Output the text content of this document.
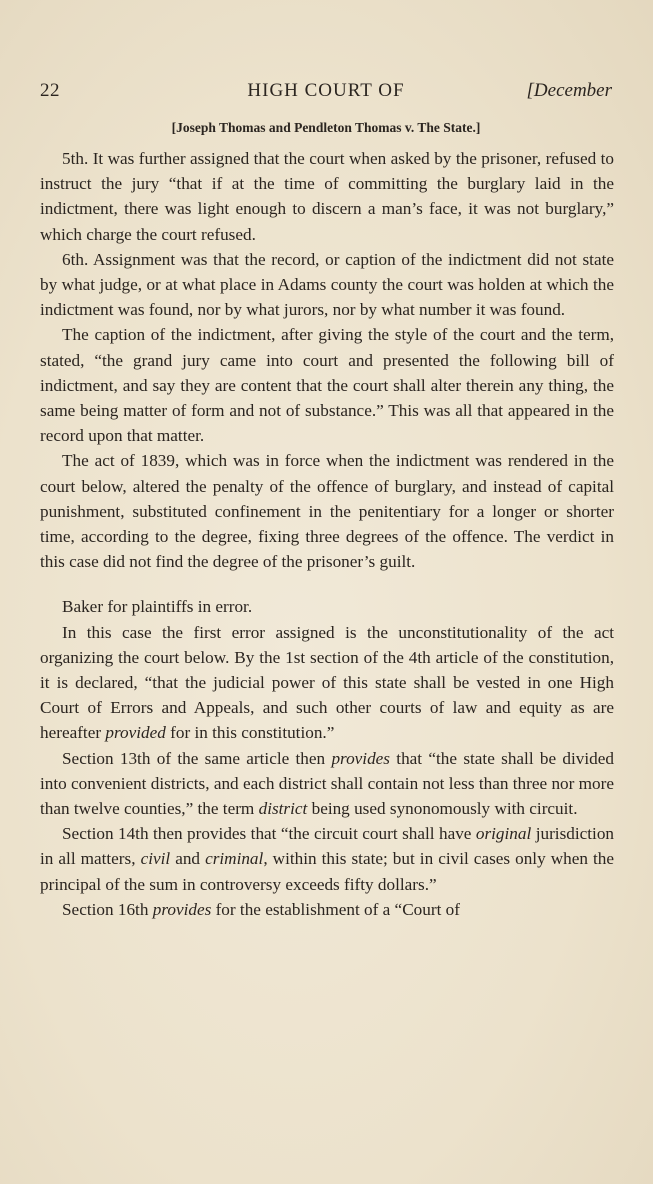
22	HIGH COURT OF	[December
[Joseph Thomas and Pendleton Thomas v. The State.]

5th. It was further assigned that the court when asked by the prisoner, refused to instruct the jury “that if at the time of committing the burglary laid in the indictment, there was light enough to discern a man’s face, it was not burglary,” which charge the court refused.

6th. Assignment was that the record, or caption of the indictment did not state by what judge, or at what place in Adams county the court was holden at which the indictment was found, nor by what jurors, nor by what number it was found.

The caption of the indictment, after giving the style of the court and the term, stated, “the grand jury came into court and presented the following bill of indictment, and say they are content that the court shall alter therein any thing, the same being matter of form and not of substance.” This was all that appeared in the record upon that matter.

The act of 1839, which was in force when the indictment was rendered in the court below, altered the penalty of the offence of burglary, and instead of capital punishment, substituted confinement in the penitentiary for a longer or shorter time, according to the degree, fixing three degrees of the offence. The verdict in this case did not find the degree of the prisoner’s guilt.

Baker for plaintiffs in error.

In this case the first error assigned is the unconstitutionality of the act organizing the court below. By the 1st section of the 4th article of the constitution, it is declared, “that the judicial power of this state shall be vested in one High Court of Errors and Appeals, and such other courts of law and equity as are hereafter provided for in this constitution.”

Section 13th of the same article then provides that “the state shall be divided into convenient districts, and each district shall contain not less than three nor more than twelve counties,” the term district being used synonomously with circuit.

Section 14th then provides that “the circuit court shall have original jurisdiction in all matters, civil and criminal, within this state; but in civil cases only when the principal of the sum in controversy exceeds fifty dollars.”

Section 16th provides for the establishment of a “Court of
